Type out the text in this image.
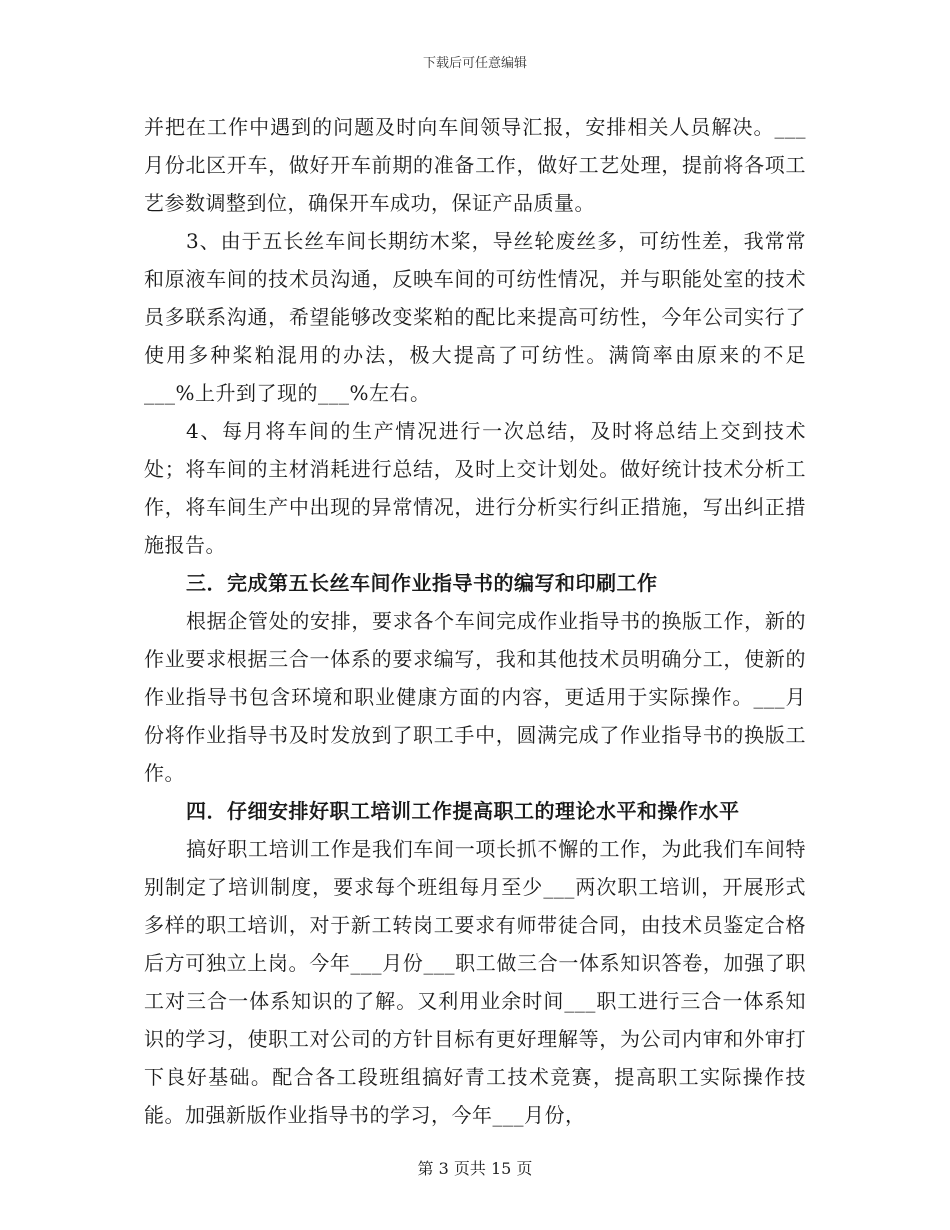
下载后可任意编辑

并把在工作中遇到的问题及时向车间领导汇报，安排相关人员解决。___月份北区开车，做好开车前期的准备工作，做好工艺处理，提前将各项工艺参数调整到位，确保开车成功，保证产品质量。

3、由于五长丝车间长期纺木桨，导丝轮废丝多，可纺性差，我常常和原液车间的技术员沟通，反映车间的可纺性情况，并与职能处室的技术员多联系沟通，希望能够改变桨粕的配比来提高可纺性，今年公司实行了使用多种桨粕混用的办法，极大提高了可纺性。满筒率由原来的不足___%上升到了现的___%左右。

4、每月将车间的生产情况进行一次总结，及时将总结上交到技术处；将车间的主材消耗进行总结，及时上交计划处。做好统计技术分析工作，将车间生产中出现的异常情况，进行分析实行纠正措施，写出纠正措施报告。

三．完成第五长丝车间作业指导书的编写和印刷工作

根据企管处的安排，要求各个车间完成作业指导书的换版工作，新的作业要求根据三合一体系的要求编写，我和其他技术员明确分工，使新的作业指导书包含环境和职业健康方面的内容，更适用于实际操作。___月份将作业指导书及时发放到了职工手中，圆满完成了作业指导书的换版工作。

四．仔细安排好职工培训工作提高职工的理论水平和操作水平

搞好职工培训工作是我们车间一项长抓不懈的工作，为此我们车间特别制定了培训制度，要求每个班组每月至少___两次职工培训，开展形式多样的职工培训，对于新工转岗工要求有师带徒合同，由技术员鉴定合格后方可独立上岗。今年___月份___职工做三合一体系知识答卷，加强了职工对三合一体系知识的了解。又利用业余时间___职工进行三合一体系知识的学习，使职工对公司的方针目标有更好理解等，为公司内审和外审打下良好基础。配合各工段班组搞好青工技术竞赛，提高职工实际操作技能。加强新版作业指导书的学习，今年___月份，

第 3 页共 15 页
